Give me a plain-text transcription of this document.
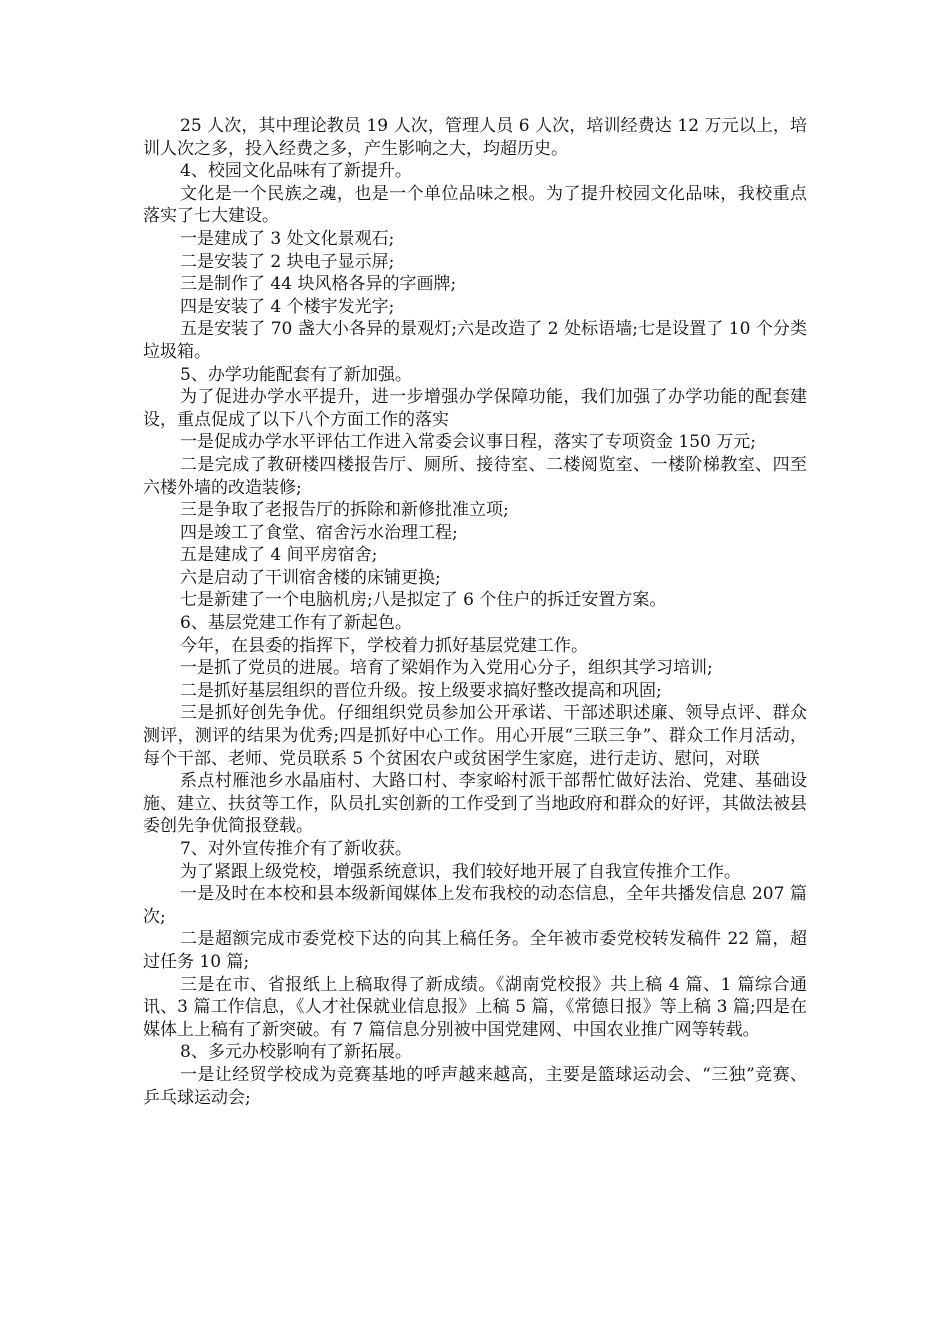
25 人次，其中理论教员 19 人次，管理人员 6 人次，培训经费达 12 万元以上，培训人次之多，投入经费之多，产生影响之大，均超历史。

4、校园文化品味有了新提升。

文化是一个民族之魂，也是一个单位品味之根。为了提升校园文化品味，我校重点落实了七大建设。

一是建成了 3 处文化景观石;

二是安装了 2 块电子显示屏;

三是制作了 44 块风格各异的字画牌;

四是安装了 4 个楼宇发光字;

五是安装了 70 盏大小各异的景观灯;六是改造了 2 处标语墙;七是设置了 10 个分类垃圾箱。

5、办学功能配套有了新加强。

为了促进办学水平提升，进一步增强办学保障功能，我们加强了办学功能的配套建设，重点促成了以下八个方面工作的落实

一是促成办学水平评估工作进入常委会议事日程，落实了专项资金 150 万元;

二是完成了教研楼四楼报告厅、厕所、接待室、二楼阅览室、一楼阶梯教室、四至六楼外墙的改造装修;

三是争取了老报告厅的拆除和新修批准立项;

四是竣工了食堂、宿舍污水治理工程;

五是建成了 4 间平房宿舍;

六是启动了干训宿舍楼的床铺更换;

七是新建了一个电脑机房;八是拟定了 6 个住户的拆迁安置方案。

6、基层党建工作有了新起色。

今年，在县委的指挥下，学校着力抓好基层党建工作。

一是抓了党员的进展。培育了梁娟作为入党用心分子，组织其学习培训;

二是抓好基层组织的晋位升级。按上级要求搞好整改提高和巩固;

三是抓好创先争优。仔细组织党员参加公开承诺、干部述职述廉、领导点评、群众测评，测评的结果为优秀;四是抓好中心工作。用心开展“三联三争”、群众工作月活动，每个干部、老师、党员联系 5 个贫困农户或贫困学生家庭，进行走访、慰问，对联

系点村雁池乡水晶庙村、大路口村、李家峪村派干部帮忙做好法治、党建、基础设施、建立、扶贫等工作，队员扎实创新的工作受到了当地政府和群众的好评，其做法被县委创先争优简报登载。

7、对外宣传推介有了新收获。

为了紧跟上级党校，增强系统意识，我们较好地开展了自我宣传推介工作。

一是及时在本校和县本级新闻媒体上发布我校的动态信息，全年共播发信息 207 篇次;

二是超额完成市委党校下达的向其上稿任务。全年被市委党校转发稿件 22 篇，超过任务 10 篇;

三是在市、省报纸上上稿取得了新成绩。《湖南党校报》共上稿 4 篇、1 篇综合通讯、3 篇工作信息，《人才社保就业信息报》上稿 5 篇，《常德日报》等上稿 3 篇;四是在媒体上上稿有了新突破。有 7 篇信息分别被中国党建网、中国农业推广网等转载。

8、多元办校影响有了新拓展。

一是让经贸学校成为竞赛基地的呼声越来越高，主要是篮球运动会、“三独”竞赛、乒乓球运动会;
